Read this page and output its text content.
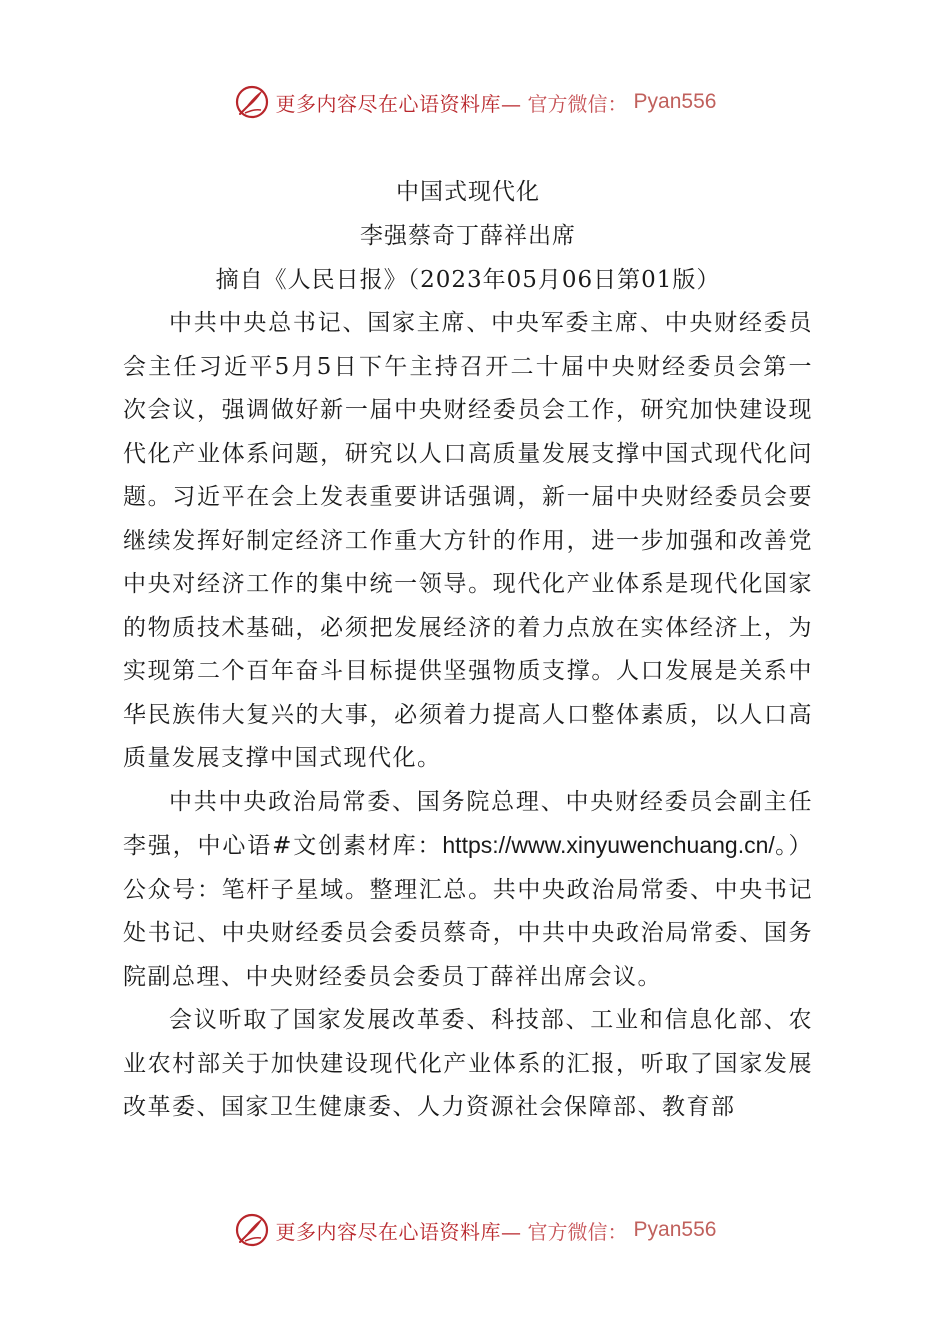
更多内容尽在心语资料库— 官方微信： Pyan556

中国式现代化

李强蔡奇丁薛祥出席

摘自《人民日报》（2023年05月06日第01版）

中共中央总书记、国家主席、中央军委主席、中央财经委员会主任习近平5月5日下午主持召开二十届中央财经委员会第一次会议，强调做好新一届中央财经委员会工作，研究加快建设现代化产业体系问题，研究以人口高质量发展支撑中国式现代化问题。习近平在会上发表重要讲话强调，新一届中央财经委员会要继续发挥好制定经济工作重大方针的作用，进一步加强和改善党中央对经济工作的集中统一领导。现代化产业体系是现代化国家的物质技术基础，必须把发展经济的着力点放在实体经济上，为实现第二个百年奋斗目标提供坚强物质支撑。人口发展是关系中华民族伟大复兴的大事，必须着力提高人口整体素质，以人口高质量发展支撑中国式现代化。

中共中央政治局常委、国务院总理、中央财经委员会副主任李强，中心语#文创素材库：https://www.xinyuwenchuang.cn/。）公众号：笔杆子星域。整理汇总。共中央政治局常委、中央书记处书记、中央财经委员会委员蔡奇，中共中央政治局常委、国务院副总理、中央财经委员会委员丁薛祥出席会议。

会议听取了国家发展改革委、科技部、工业和信息化部、农业农村部关于加快建设现代化产业体系的汇报，听取了国家发展改革委、国家卫生健康委、人力资源社会保障部、教育部

更多内容尽在心语资料库— 官方微信： Pyan556
